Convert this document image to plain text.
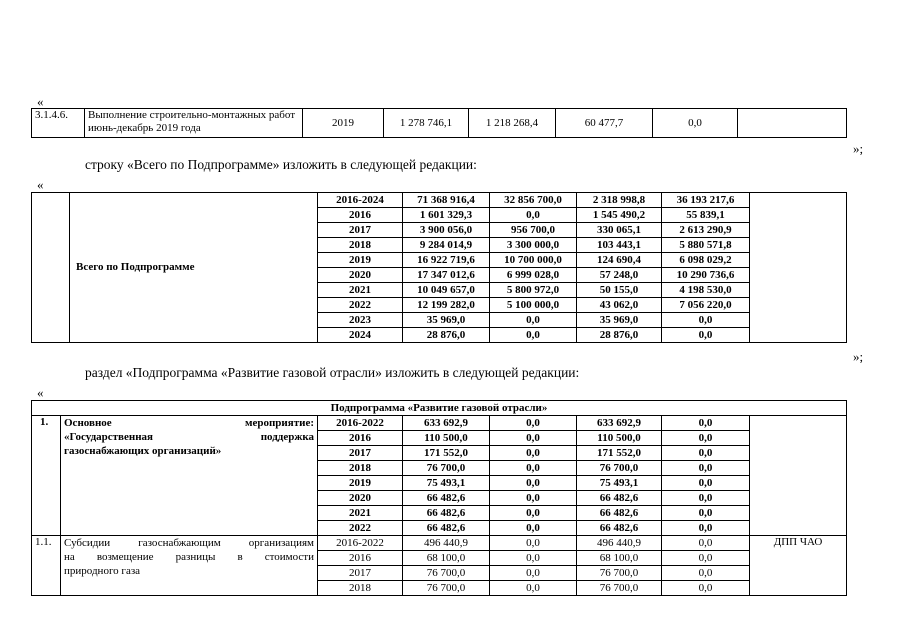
«
»;
строку «Всего по Подпрограмме» изложить в следующей редакции:
«
»;
раздел «Подпрограмма «Развитие газовой отрасли» изложить в следующей редакции:
«
3.1.4.6.	Выполнение строительно-монтажных работ июнь-декабрь 2019 года	2019	1 278 746,1	1 218 268,4	60 477,7	0,0	
	Всего по Подпрограмме	2016-2024	71 368 916,4	32 856 700,0	2 318 998,8	36 193 217,6	
		2016	1 601 329,3	0,0	1 545 490,2	55 839,1	
		2017	3 900 056,0	956 700,0	330 065,1	2 613 290,9	
		2018	9 284 014,9	3 300 000,0	103 443,1	5 880 571,8	
		2019	16 922 719,6	10 700 000,0	124 690,4	6 098 029,2	
		2020	17 347 012,6	6 999 028,0	57 248,0	10 290 736,6	
		2021	10 049 657,0	5 800 972,0	50 155,0	4 198 530,0	
		2022	12 199 282,0	5 100 000,0	43 062,0	7 056 220,0	
		2023	35 969,0	0,0	35 969,0	0,0	
		2024	28 876,0	0,0	28 876,0	0,0	
Подпрограмма «Развитие газовой отрасли»							
1.	Основное мероприятие:
«Государственная поддержка
газоснабжающих организаций»	2016-2022	633 692,9	0,0	633 692,9	0,0	
		2016	110 500,0	0,0	110 500,0	0,0	
		2017	171 552,0	0,0	171 552,0	0,0	
		2018	76 700,0	0,0	76 700,0	0,0	
		2019	75 493,1	0,0	75 493,1	0,0	
		2020	66 482,6	0,0	66 482,6	0,0	
		2021	66 482,6	0,0	66 482,6	0,0	
		2022	66 482,6	0,0	66 482,6	0,0	
1.1.	Субсидии газоснабжающим организациям
на возмещение разницы в стоимости
природного газа	2016-2022	496 440,9	0,0	496 440,9	0,0	ДПП ЧАО
		2016	68 100,0	0,0	68 100,0	0,0	
		2017	76 700,0	0,0	76 700,0	0,0	
		2018	76 700,0	0,0	76 700,0	0,0	
